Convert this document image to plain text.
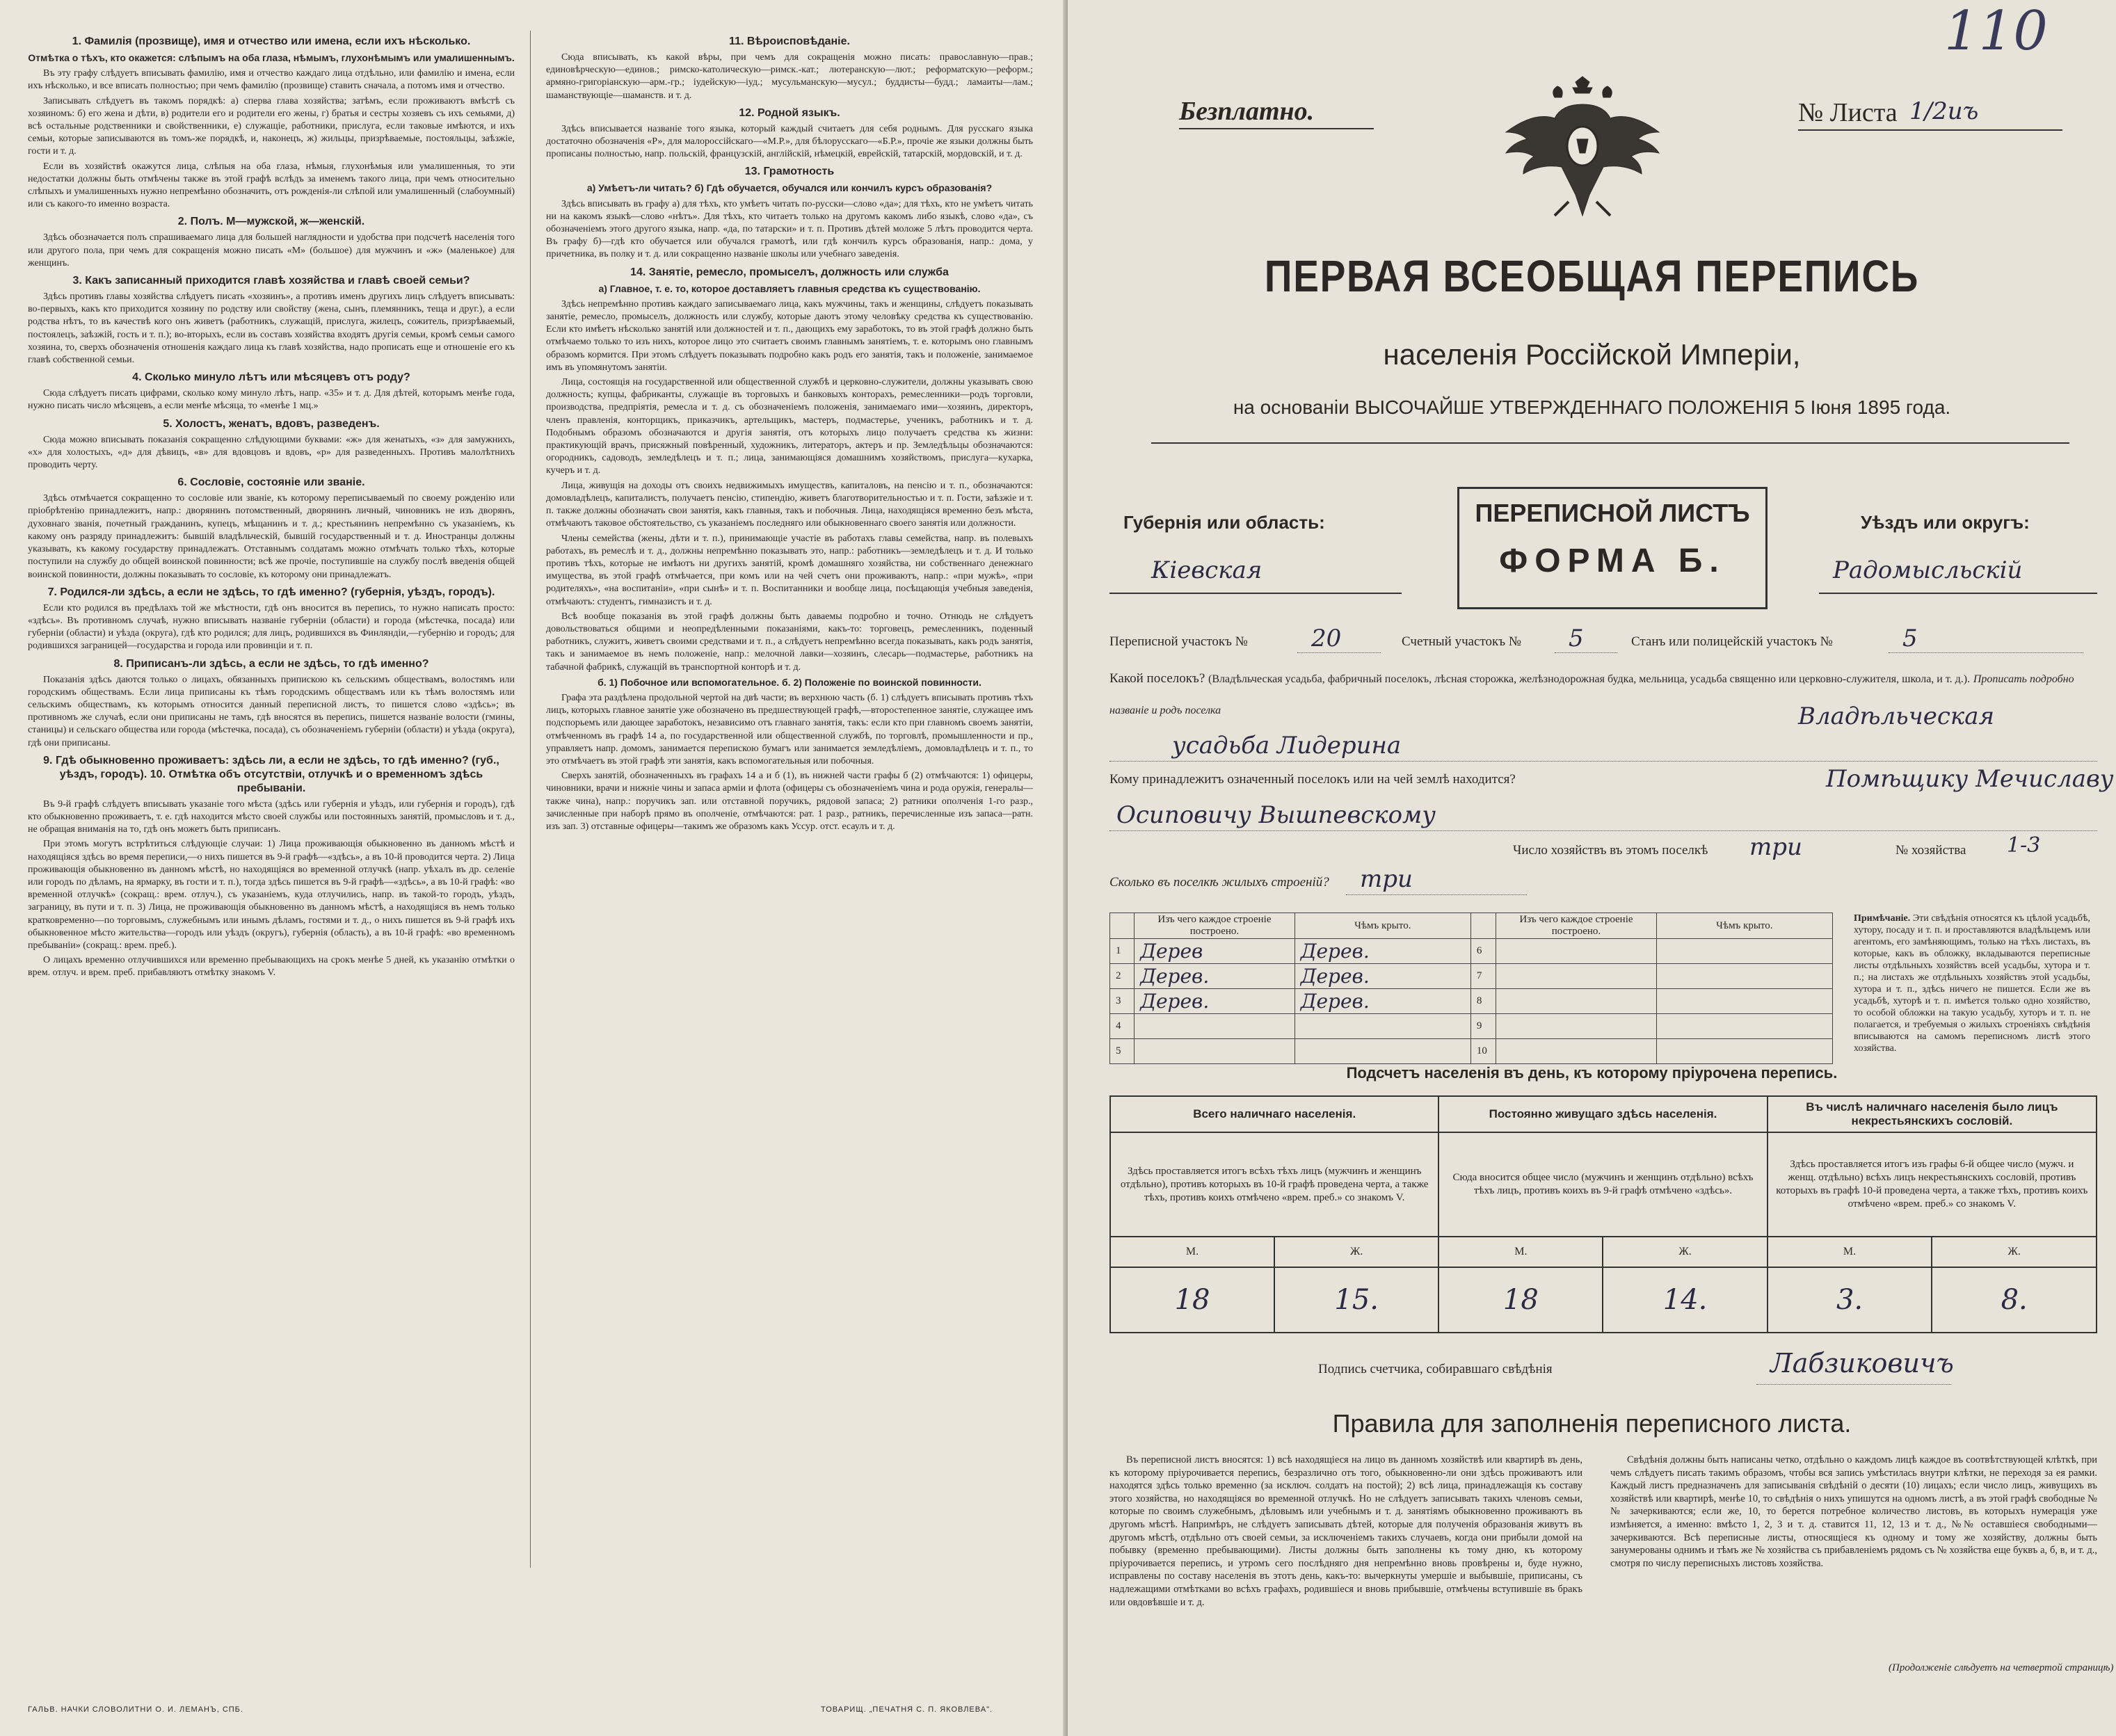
1. Фамилія (прозвище), имя и отчество или имена, если ихъ нѣсколько.
Отмѣтка о тѣхъ, кто окажется: слѣпымъ на оба глаза, нѣмымъ, глухонѣмымъ или умалишеннымъ.

Въ эту графу слѣдуетъ вписывать фамилію, имя и отчество каждаго лица отдѣльно, или фамилію и имена, если ихъ нѣсколько, и все вписать полностью; при чемъ фамилію (прозвище) ставить сначала, а потомъ имя и отчество.

Записывать слѣдуетъ въ такомъ порядкѣ: а) сперва глава хозяйства; затѣмъ, если проживаютъ вмѣстѣ съ хозяиномъ: б) его жена и дѣти, в) родители его и родители его жены, г) братья и сестры хозяевъ съ ихъ семьями, д) всѣ остальные родственники и свойственники, е) служащіе, работники, прислуга, если таковые имѣются, и ихъ семьи, которые записываются въ томъ-же порядкѣ, и, наконецъ, ж) жильцы, призрѣваемые, постояльцы, заѣзжіе, гости и т. д.

Если въ хозяйствѣ окажутся лица, слѣпыя на оба глаза, нѣмыя, глухонѣмыя или умалишенныя, то эти недостатки должны быть отмѣчены также въ этой графѣ вслѣдъ за именемъ такого лица, при чемъ относительно слѣпыхъ и умалишенныхъ нужно непремѣнно обозначить, отъ рожденія-ли слѣпой или умалишенный (слабоумный) или съ какого-то именно возраста.

2. Полъ. М—мужской, ж—женскій.

Здѣсь обозначается полъ спрашиваемаго лица для большей наглядности и удобства при подсчетѣ населенія того или другого пола, при чемъ для сокращенія можно писать «М» (большое) для мужчинъ и «ж» (маленькое) для женщинъ.

3. Какъ записанный приходится главѣ хозяйства и главѣ своей семьи?

Здѣсь противъ главы хозяйства слѣдуетъ писать «хозяинъ», а противъ именъ другихъ лицъ слѣдуетъ вписывать: во-первыхъ, какъ кто приходится хозяину по родству или свойству (жена, сынъ, племянникъ, теща и друг.), а если родства нѣтъ, то въ качествѣ кого онъ живетъ (работникъ, служащій, прислуга, жилецъ, сожитель, призрѣваемый, постоялецъ, заѣзжій, гость и т. п.); во-вторыхъ, если въ составъ хозяйства входятъ другія семьи, кромѣ семьи самого хозяина, то, сверхъ обозначенія отношенія каждаго лица къ главѣ хозяйства, надо прописать еще и отношеніе его къ главѣ собственной семьи.

4. Сколько минуло лѣтъ или мѣсяцевъ отъ роду?

Сюда слѣдуетъ писать цифрами, сколько кому минуло лѣтъ, напр. «35» и т. д. Для дѣтей, которымъ менѣе года, нужно писать число мѣсяцевъ, а если менѣе мѣсяца, то «менѣе 1 мц.»

5. Холостъ, женатъ, вдовъ, разведенъ.

Сюда можно вписывать показанія сокращенно слѣдующими буквами: «ж» для женатыхъ, «з» для замужнихъ, «х» для холостыхъ, «д» для дѣвицъ, «в» для вдовцовъ и вдовъ, «р» для разведенныхъ. Противъ малолѣтнихъ проводить черту.

6. Сословіе, состояніе или званіе.

Здѣсь отмѣчается сокращенно то сословіе или званіе, къ которому переписываемый по своему рожденію или пріобрѣтенію принадлежитъ, напр.: дворянинъ потомственный, дворянинъ личный, чиновникъ не изъ дворянъ, духовнаго званія, почетный гражданинъ, купецъ, мѣщанинъ и т. д.; крестьянинъ непремѣнно съ указаніемъ, къ какому онъ разряду принадлежитъ: бывшій владѣльческій, бывшій государственный и т. д. Иностранцы должны указывать, къ какому государству принадлежатъ. Отставнымъ солдатамъ можно отмѣчать только тѣхъ, которые поступили на службу до общей воинской повинности; всѣ же прочіе, поступившіе на службу послѣ введенія общей воинской повинности, должны показывать то сословіе, къ которому они принадлежатъ.

7. Родился-ли здѣсь, а если не здѣсь, то гдѣ именно? (губернія, уѣздъ, городъ).

Если кто родился въ предѣлахъ той же мѣстности, гдѣ онъ вносится въ перепись, то нужно написать просто: «здѣсь». Въ противномъ случаѣ, нужно вписывать названіе губерніи (области) и города (мѣстечка, посада) или губерніи (области) и уѣзда (округа), гдѣ кто родился; для лицъ, родившихся въ Финляндіи,—губернію и городъ; для родившихся заграницей—государства и города или провинціи и т. п.

8. Приписанъ-ли здѣсь, а если не здѣсь, то гдѣ именно?

Показанія здѣсь даются только о лицахъ, обязанныхъ припискою къ сельскимъ обществамъ, волостямъ или городскимъ обществамъ. Если лица приписаны къ тѣмъ городскимъ обществамъ или къ тѣмъ волостямъ или сельскимъ обществамъ, къ которымъ относится данный переписной листъ, то пишется слово «здѣсь»; въ противномъ же случаѣ, если они приписаны не тамъ, гдѣ вносятся въ перепись, пишется названіе волости (гмины, станицы) и сельскаго общества или города (мѣстечка, посада), съ обозначеніемъ губерніи (области) и уѣзда (округа), гдѣ они приписаны.

9. Гдѣ обыкновенно проживаетъ: здѣсь ли, а если не здѣсь, то гдѣ именно? (губ., уѣздъ, городъ). 10. Отмѣтка объ отсутствіи, отлучкѣ и о временномъ здѣсь пребываніи.

Въ 9-й графѣ слѣдуетъ вписывать указаніе того мѣста (здѣсь или губернія и уѣздъ, или губернія и городъ), гдѣ кто обыкновенно проживаетъ, т. е. гдѣ находится мѣсто своей службы или постоянныхъ занятій, промысловъ и т. д., не обращая вниманія на то, гдѣ онъ можетъ быть приписанъ.

При этомъ могутъ встрѣтиться слѣдующіе случаи: 1) Лица проживающія обыкновенно въ данномъ мѣстѣ и находящіяся здѣсь во время переписи,—о нихъ пишется въ 9-й графѣ—«здѣсь», а въ 10-й проводится черта. 2) Лица проживающія обыкновенно въ данномъ мѣстѣ, но находящіяся во временной отлучкѣ (напр. уѣхалъ въ др. селеніе или городъ по дѣламъ, на ярмарку, въ гости и т. п.), тогда здѣсь пишется въ 9-й графѣ—«здѣсь», а въ 10-й графѣ: «во временной отлучкѣ» (сокращ.: врем. отлуч.), съ указаніемъ, куда отлучились, напр. въ такой-то городъ, уѣздъ, заграницу, въ пути и т. п. 3) Лица, не проживающія обыкновенно въ данномъ мѣстѣ, а находящіяся въ немъ только кратковременно—по торговымъ, служебнымъ или инымъ дѣламъ, гостями и т. д., о нихъ пишется въ 9-й графѣ ихъ обыкновенное мѣсто жительства—городъ или уѣздъ (округъ), губернія (область), а въ 10-й графѣ: «во временномъ пребываніи» (сокращ.: врем. преб.).

О лицахъ временно отлучившихся или временно пребывающихъ на срокъ менѣе 5 дней, къ указанію отмѣтки о врем. отлуч. и врем. преб. прибавляютъ отмѣтку знакомъ V.

11. Вѣроисповѣданіе.

Сюда вписывать, къ какой вѣры, при чемъ для сокращенія можно писать: православную—прав.; единовѣрческую—единов.; римско-католическую—римск.-кат.; лютеранскую—лют.; реформатскую—реформ.; армяно-григоріанскую—арм.-гр.; іудейскую—іуд.; мусульманскую—мусул.; буддисты—будд.; ламаиты—лам.; шаманствующіе—шаманств. и т. д.

12. Родной языкъ.

Здѣсь вписывается названіе того языка, который каждый считаетъ для себя роднымъ. Для русскаго языка достаточно обозначенія «Р», для малороссійскаго—«М.Р.», для бѣлорусскаго—«Б.Р.», прочіе же языки должны быть прописаны полностью, напр. польскій, французскій, англійскій, нѣмецкій, еврейскій, татарскій, мордовскій, и т. д.

13. Грамотность
а) Умѣетъ-ли читать? б) Гдѣ обучается, обучался или кончилъ курсъ образованія?

Здѣсь вписывать въ графу а) для тѣхъ, кто умѣетъ читать по-русски—слово «да»; для тѣхъ, кто не умѣетъ читать ни на какомъ языкѣ—слово «нѣтъ». Для тѣхъ, кто читаетъ только на другомъ какомъ либо языкѣ, слово «да», съ обозначеніемъ этого другого языка, напр. «да, по татарски» и т. п. Противъ дѣтей моложе 5 лѣтъ проводится черта. Въ графу б)—гдѣ кто обучается или обучался грамотѣ, или гдѣ кончилъ курсъ образованія, напр.: дома, у причетника, въ полку и т. д. или сокращенно названіе школы или учебнаго заведенія.

14. Занятіе, ремесло, промыселъ, должность или служба
а) Главное, т. е. то, которое доставляетъ главныя средства къ существованію.

Здѣсь непремѣнно противъ каждаго записываемаго лица, какъ мужчины, такъ и женщины, слѣдуетъ показывать занятіе, ремесло, промыселъ, должность или службу, которые даютъ этому человѣку средства къ существованію. Если кто имѣетъ нѣсколько занятій или должностей и т. п., дающихъ ему заработокъ, то въ этой графѣ должно быть отмѣчаемо только то изъ нихъ, которое лицо это считаетъ своимъ главнымъ занятіемъ, т. е. которымъ оно главнымъ образомъ кормится. При этомъ слѣдуетъ показывать подробно какъ родъ его занятія, такъ и положеніе, занимаемое имъ въ упомянутомъ занятіи.

Лица, состоящія на государственной или общественной службѣ и церковно-служители, должны указывать свою должность; купцы, фабриканты, служащіе въ торговыхъ и банковыхъ конторахъ, ремесленники—родъ торговли, производства, предпріятія, ремесла и т. д. съ обозначеніемъ положенія, занимаемаго ими—хозяинъ, директоръ, членъ правленія, конторщикъ, приказчикъ, артельщикъ, мастеръ, подмастерье, ученикъ, работникъ и т. д. Подобнымъ образомъ обозначаются и другія занятія, отъ которыхъ лицо получаетъ средства къ жизни: практикующій врачъ, присяжный повѣренный, художникъ, литераторъ, актеръ и пр. Земледѣльцы обозначаются: огородникъ, садоводъ, земледѣлецъ и т. п.; лица, занимающіяся домашнимъ хозяйствомъ, прислуга—кухарка, кучеръ и т. д.

Лица, живущія на доходы отъ своихъ недвижимыхъ имуществъ, капиталовъ, на пенсію и т. п., обозначаются: домовладѣлецъ, капиталистъ, получаетъ пенсію, стипендію, живетъ благотворительностью и т. п. Гости, заѣзжіе и т. п. также должны обозначать свои занятія, какъ главныя, такъ и побочныя. Лица, находящіяся временно безъ мѣста, отмѣчаютъ таковое обстоятельство, съ указаніемъ последняго или обыкновеннаго своего занятія или должности.

Члены семейства (жены, дѣти и т. п.), принимающіе участіе въ работахъ главы семейства, напр. въ полевыхъ работахъ, въ ремеслѣ и т. д., должны непремѣнно показывать это, напр.: работникъ—земледѣлецъ и т. д. И только противъ тѣхъ, которые не имѣютъ ни другихъ занятій, кромѣ домашняго хозяйства, ни собственнаго денежнаго имущества, въ этой графѣ отмѣчается, при комъ или на чей счетъ они проживаютъ, напр.: «при мужѣ», «при родителяхъ», «на воспитаніи», «при сынѣ» и т. п. Воспитанники и вообще лица, посѣщающія учебныя заведенія, отмѣчаютъ: студентъ, гимназистъ и т. д.

Всѣ вообще показанія въ этой графѣ должны быть даваемы подробно и точно. Отнюдь не слѣдуетъ довольствоваться общими и неопредѣленными показаніями, какъ-то: торговецъ, ремесленникъ, поденный работникъ, служитъ, живетъ своими средствами и т. п., а слѣдуетъ непремѣнно всегда показывать, какъ родъ занятія, такъ и занимаемое въ немъ положеніе, напр.: мелочной лавки—хозяинъ, слесарь—подмастерье, работникъ на табачной фабрикѣ, служащій въ транспортной конторѣ и т. д.

б. 1) Побочное или вспомогательное. б. 2) Положеніе по воинской повинности.

Графа эта раздѣлена продольной чертой на двѣ части; въ верхнюю часть (б. 1) слѣдуетъ вписывать противъ тѣхъ лицъ, которыхъ главное занятіе уже обозначено въ предшествующей графѣ,—второстепенное занятіе, служащее имъ подспорьемъ или дающее заработокъ, независимо отъ главнаго занятія, такъ: если кто при главномъ своемъ занятіи, отмѣченномъ въ графѣ 14 а, по государственной или общественной службѣ, по торговлѣ, промышленности и пр., управляетъ напр. домомъ, занимается перепискою бумагъ или занимается земледѣліемъ, домовладѣлецъ и т. п., то это отмѣчаетъ въ этой графѣ эти занятія, какъ вспомогательныя или побочныя.

Сверхъ занятій, обозначенныхъ въ графахъ 14 а и б (1), въ нижней части графы б (2) отмѣчаются: 1) офицеры, чиновники, врачи и нижніе чины и запаса арміи и флота (офицеры съ обозначеніемъ чина и рода оружія, генералы—также чина), напр.: поручикъ зап. или отставной поручикъ, рядовой запаса; 2) ратники ополченія 1-го разр., зачисленные при наборѣ прямо въ ополченіе, отмѣчаются: рат. 1 разр., ратникъ, перечисленные изъ запаса—ратн. изъ зап. 3) отставные офицеры—такимъ же образомъ какъ Уссур. отст. есаулъ и т. д.

ГАЛЬВ. НАЧКИ СЛОВОЛИТНИ О. И. ЛЕМАНЪ, СПБ.	ТОВАРИЩ. „ПЕЧАТНЯ С. П. ЯКОВЛЕВА".
110
Безплатно.	№ Листа 1/2иъ
ПЕРВАЯ ВСЕОБЩАЯ ПЕРЕПИСЬ
населенія Россійской Имперіи,
на основаніи ВЫСОЧАЙШЕ УТВЕРЖДЕННАГО ПОЛОЖЕНІЯ 5 Іюня 1895 года.
Губернія или область:
Кіевская
ПЕРЕПИСНОЙ ЛИСТЪ
ФОРМА Б.
Уѣздъ или округъ:
Радомысльскій
Переписной участокъ №	20	Счетный участокъ № 5	Станъ или полицейскій участокъ №	5
Какой поселокъ? (Владѣльческая усадьба, фабричный поселокъ, лѣсная сторожка, желѣзнодорожная будка, мельница, усадьба священно или церковно-служителя, школа, и т. д.). Прописать подробно названіе и родъ поселка	Владѣльческая
усадьба Лидерина
Кому принадлежитъ означенный поселокъ или на чей землѣ находится?	Помѣщику Мечиславу
Осиповичу Вышпевскому
Число хозяйствъ въ этомъ поселкѣ три	№ хозяйства 1-3
Сколько въ поселкѣ жилыхъ строеній? три
	Изъ чего каждое строеніе построено.	Чѣмъ крыто.		Изъ чего каждое строеніе построено.	Чѣмъ крыто.
1	Дерев	Дерев.	6		
2	Дерев.	Дерев.	7		
3	Дерев.	Дерев.	8		
4			9		
5			10		
Примѣчаніе. Эти свѣдѣнія относятся къ цѣлой усадьбѣ, хутору, посаду и т. п. и проставляются владѣльцемъ или агентомъ, его замѣняющимъ, только на тѣхъ листахъ, въ которые, какъ въ обложку, вкладываются переписные листы отдѣльныхъ хозяйствъ всей усадьбы, хутора и т. п.; на листахъ же отдѣльныхъ хозяйствъ этой усадьбы, хутора и т. п., здѣсь ничего не пишется. Если же въ усадьбѣ, хуторѣ и т. п. имѣется только одно хозяйство, то особой обложки на такую усадьбу, хуторъ и т. п. не полагается, и требуемыя о жилыхъ строеніяхъ свѣдѣнія вписываются на самомъ переписномъ листѣ этого хозяйства.
Подсчетъ населенія въ день, къ которому пріурочена перепись.
Всего наличнаго населенія.		Постоянно живущаго здѣсь населенія.		Въ числѣ наличнаго населенія было лицъ некрестьянскихъ сословій.	
Здѣсь проставляется итогъ всѣхъ тѣхъ лицъ (мужчинъ и женщинъ отдѣльно), противъ которыхъ въ 10-й графѣ проведена черта, а также тѣхъ, противъ коихъ отмѣчено «врем. преб.» со знакомъ V.		Сюда вносится общее число (мужчинъ и женщинъ отдѣльно) всѣхъ тѣхъ лицъ, противъ коихъ въ 9-й графѣ отмѣчено «здѣсь».		Здѣсь проставляется итогъ изъ графы 6-й общее число (мужч. и женщ. отдѣльно) всѣхъ лицъ некрестьянскихъ сословій, противъ которыхъ въ графѣ 10-й проведена черта, а также тѣхъ, противъ коихъ отмѣчено «врем. преб.» со знакомъ V.	
М.	Ж.	М.	Ж.	М.	Ж.
18	15.	18	14.	3.	8.
Подпись счетчика, собиравшаго свѣдѣнія	Лабзиковичъ
Правила для заполненія переписного листа.
Въ переписной листъ вносятся: 1) всѣ находящіеся на лицо въ данномъ хозяйствѣ или квартирѣ въ день, къ которому пріурочивается перепись, безразлично отъ того, обыкновенно-ли они здѣсь проживаютъ или находятся здѣсь только временно (за исключ. солдатъ на постой); 2) всѣ лица, принадлежащія къ составу этого хозяйства, но находящіяся во временной отлучкѣ. Но не слѣдуетъ записывать такихъ членовъ семьи, которые по своимъ служебнымъ, дѣловымъ или учебнымъ и т. д. занятіямъ обыкновенно проживаютъ въ другомъ мѣстѣ. Напримѣръ, не слѣдуетъ записывать дѣтей, которые для полученія образованія живутъ въ другомъ мѣстѣ, отдѣльно отъ своей семьи, за исключеніемъ такихъ случаевъ, когда они прибыли домой на побывку (временно пребывающими). Листы должны быть заполнены къ тому дню, къ которому пріурочивается перепись, и утромъ сего послѣдняго дня непремѣнно вновь провѣрены и, буде нужно, исправлены по составу населенія въ этотъ день, какъ-то: вычеркнуты умершіе и выбывшіе, приписаны, съ надлежащими отмѣтками во всѣхъ графахъ, родившіеся и вновь прибывшіе, отмѣчены вступившіе въ бракъ или овдовѣвшіе и т. д.
Свѣдѣнія должны быть написаны четко, отдѣльно о каждомъ лицѣ каждое въ соотвѣтствующей клѣткѣ, при чемъ слѣдуетъ писать такимъ образомъ, чтобы вся запись умѣстилась внутри клѣтки, не переходя за ея рамки. Каждый листъ предназначенъ для записыванія свѣдѣній о десяти (10) лицахъ; если число лицъ, живущихъ въ хозяйствѣ или квартирѣ, менѣе 10, то свѣдѣнія о нихъ упишутся на одномъ листѣ, а въ этой графѣ свободные №№ зачеркиваются; если же, 10, то берется потребное количество листовъ, въ которыхъ нумерація уже измѣняется, а именно: вмѣсто 1, 2, 3 и т. д. ставится 11, 12, 13 и т. д., №№ оставшіеся свободными—зачеркиваются. Всѣ переписные листы, относящіеся къ одному и тому же хозяйству, должны быть занумерованы однимъ и тѣмъ же № хозяйства съ прибавленіемъ рядомъ съ № хозяйства еще буквъ а, б, в, и т. д., смотря по числу переписныхъ листовъ хозяйства.
(Продолженіе слѣдуетъ на четвертой страницѣ)
